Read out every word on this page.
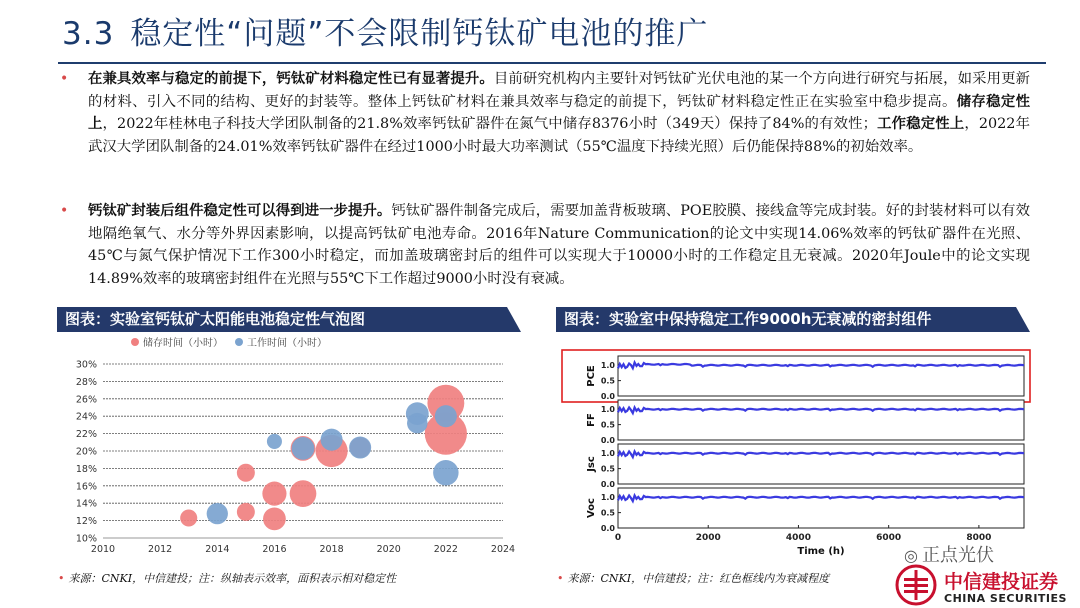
3.3 稳定性“问题”不会限制钙钛矿电池的推广
•	在兼具效率与稳定的前提下，钙钛矿材料稳定性已有显著提升。目前研究机构内主要针对钙钛矿光伏电池的某一个方向进行研究与拓展，如采用更新的材料、引入不同的结构、更好的封装等。整体上钙钛矿材料在兼具效率与稳定的前提下，钙钛矿材料稳定性正在实验室中稳步提高。储存稳定性上，2022年桂林电子科技大学团队制备的21.8%效率钙钛矿器件在氮气中储存8376小时（349天）保持了84%的有效性；工作稳定性上，2022年武汉大学团队制备的24.01%效率钙钛矿器件在经过1000小时最大功率测试（55℃温度下持续光照）后仍能保持88%的初始效率。
•	钙钛矿封装后组件稳定性可以得到进一步提升。钙钛矿器件制备完成后，需要加盖背板玻璃、POE胶膜、接线盒等完成封装。好的封装材料可以有效地隔绝氧气、水分等外界因素影响，以提高钙钛矿电池寿命。2016年Nature Communication的论文中实现14.06%效率的钙钛矿器件在光照、45℃与氮气保护情况下工作300小时稳定，而加盖玻璃密封后的组件可以实现大于10000小时的工作稳定且无衰减。2020年Joule中的论文实现14.89%效率的玻璃密封组件在光照与55℃下工作超过9000小时没有衰减。
图表：实验室钙钛矿太阳能电池稳定性气泡图	图表：实验室中保持稳定工作9000h无衰减的密封组件
储存时间（小时） 工作时间（小时）
10%
12%
14%
16%
18%
20%
22%
24%
26%
28%
30%
2010	2012	2014	2016	2018	2020	2022	2024
0.0
0.5
1.0
PCE
0.0
0.5
1.0
FF
0.0
0.5
1.0
Jsc
0.0
0.5
1.0
Voc
0	2000	4000	6000	8000
Time (h)
• 来源：CNKI，中信建投；注：纵轴表示效率，面积表示相对稳定性	• 来源：CNKI，中信建投；注：红色框线内为衰减程度
◎ 正点光伏
中信建投证券
CHINA SECURITIES
